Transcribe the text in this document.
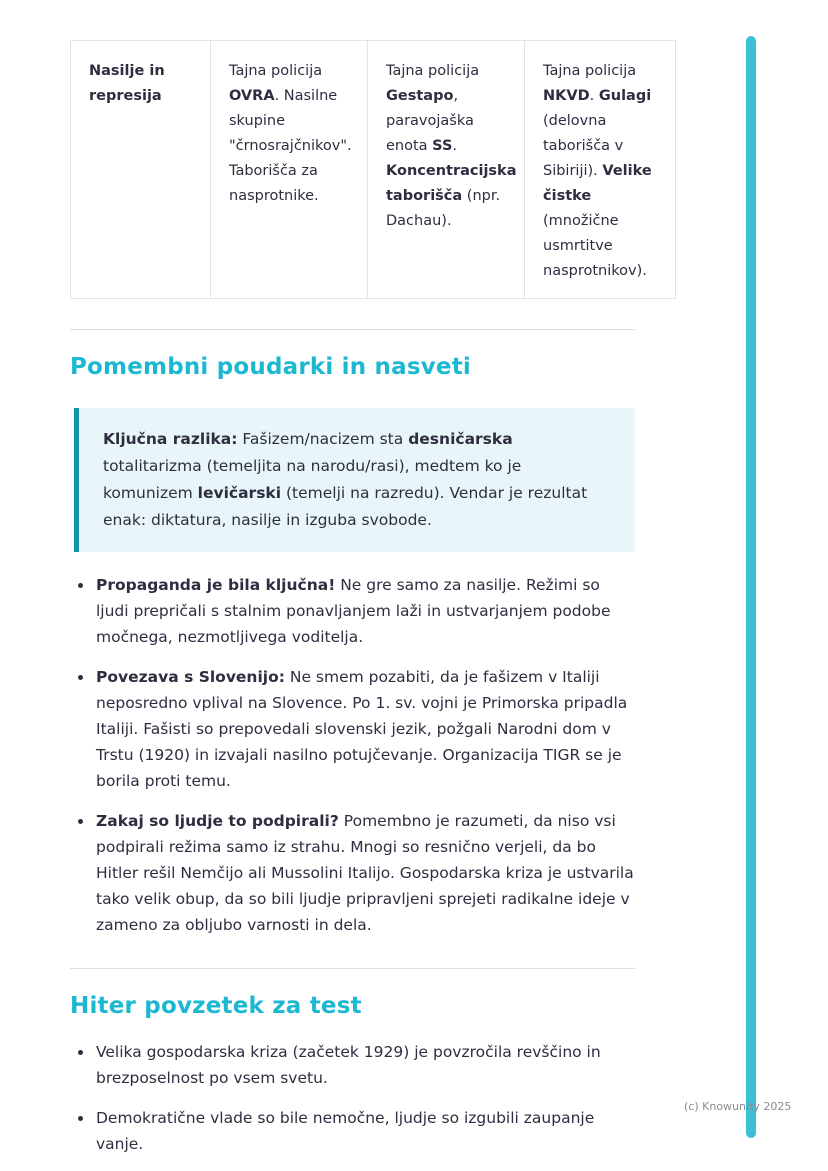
Nasilje in represija	Tajna policija OVRA. Nasilne skupine "črnosrajčnikov". Taborišča za nasprotnike.	Tajna policija Gestapo, paravojaška enota SS. Koncentracijska taborišča (npr. Dachau).	Tajna policija NKVD. Gulagi (delovna taborišča v Sibiriji). Velike čistke (množične usmrtitve nasprotnikov).
Pomembni poudarki in nasveti

Ključna razlika: Fašizem/nacizem sta desničarska totalitarizma (temeljita na narodu/rasi), medtem ko je komunizem levičarski (temelji na razredu). Vendar je rezultat enak: diktatura, nasilje in izguba svobode.

• Propaganda je bila ključna! Ne gre samo za nasilje. Režimi so ljudi prepričali s stalnim ponavljanjem laži in ustvarjanjem podobe močnega, nezmotljivega voditelja.
• Povezava s Slovenijo: Ne smem pozabiti, da je fašizem v Italiji neposredno vplival na Slovence. Po 1. sv. vojni je Primorska pripadla Italiji. Fašisti so prepovedali slovenski jezik, požgali Narodni dom v Trstu (1920) in izvajali nasilno potujčevanje. Organizacija TIGR se je borila proti temu.
• Zakaj so ljudje to podpirali? Pomembno je razumeti, da niso vsi podpirali režima samo iz strahu. Mnogi so resnično verjeli, da bo Hitler rešil Nemčijo ali Mussolini Italijo. Gospodarska kriza je ustvarila tako velik obup, da so bili ljudje pripravljeni sprejeti radikalne ideje v zameno za obljubo varnosti in dela.
Hiter povzetek za test
• Velika gospodarska kriza (začetek 1929) je povzročila revščino in brezposelnost po vsem svetu.
• Demokratične vlade so bile nemočne, ljudje so izgubili zaupanje vanje.
(c) Knowunity 2025
